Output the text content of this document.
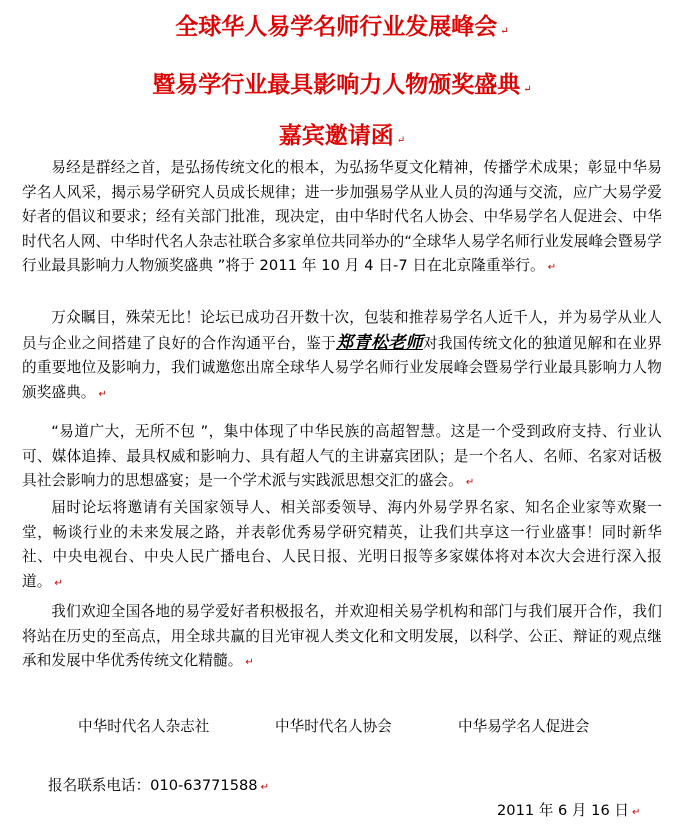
全球华人易学名师行业发展峰会 ↵
暨易学行业最具影响力人物颁奖盛典 ↵
嘉宾邀请函 ↵
易经是群经之首，是弘扬传统文化的根本，为弘扬华夏文化精神，传播学术成果；彰显中华易学名人风采，揭示易学研究人员成长规律；进一步加强易学从业人员的沟通与交流，应广大易学爱好者的倡议和要求；经有关部门批准，现决定，由中华时代名人协会、中华易学名人促进会、中华时代名人网、中华时代名人杂志社联合多家单位共同举办的“全球华人易学名师行业发展峰会暨易学行业最具影响力人物颁奖盛典 ”将于 2011 年 10 月 4 日-7 日在北京隆重举行。 ↵
万众瞩目，殊荣无比！论坛已成功召开数十次，包装和推荐易学名人近千人，并为易学从业人员与企业之间搭建了良好的合作沟通平台，鉴于郑青松老师对我国传统文化的独道见解和在业界的重要地位及影响力，我们诚邀您出席全球华人易学名师行业发展峰会暨易学行业最具影响力人物颁奖盛典。 ↵
“易道广大，无所不包 ”，集中体现了中华民族的高超智慧。这是一个受到政府支持、行业认可、媒体追捧、最具权威和影响力、具有超人气的主讲嘉宾团队；是一个名人、名师、名家对话极具社会影响力的思想盛宴；是一个学术派与实践派思想交汇的盛会。 ↵
届时论坛将邀请有关国家领导人、相关部委领导、海内外易学界名家、知名企业家等欢聚一堂，畅谈行业的未来发展之路，并表彰优秀易学研究精英，让我们共享这一行业盛事！同时新华社、中央电视台、中央人民广播电台、人民日报、光明日报等多家媒体将对本次大会进行深入报道。 ↵
我们欢迎全国各地的易学爱好者积极报名，并欢迎相关易学机构和部门与我们展开合作，我们将站在历史的至高点，用全球共赢的目光审视人类文化和文明发展，以科学、公正、辩证的观点继承和发展中华优秀传统文化精髓。 ↵
中华时代名人杂志社	中华时代名人协会	中华易学名人促进会
报名联系电话：010-63771588 ↵
2011 年 6 月 16 日 ↵
